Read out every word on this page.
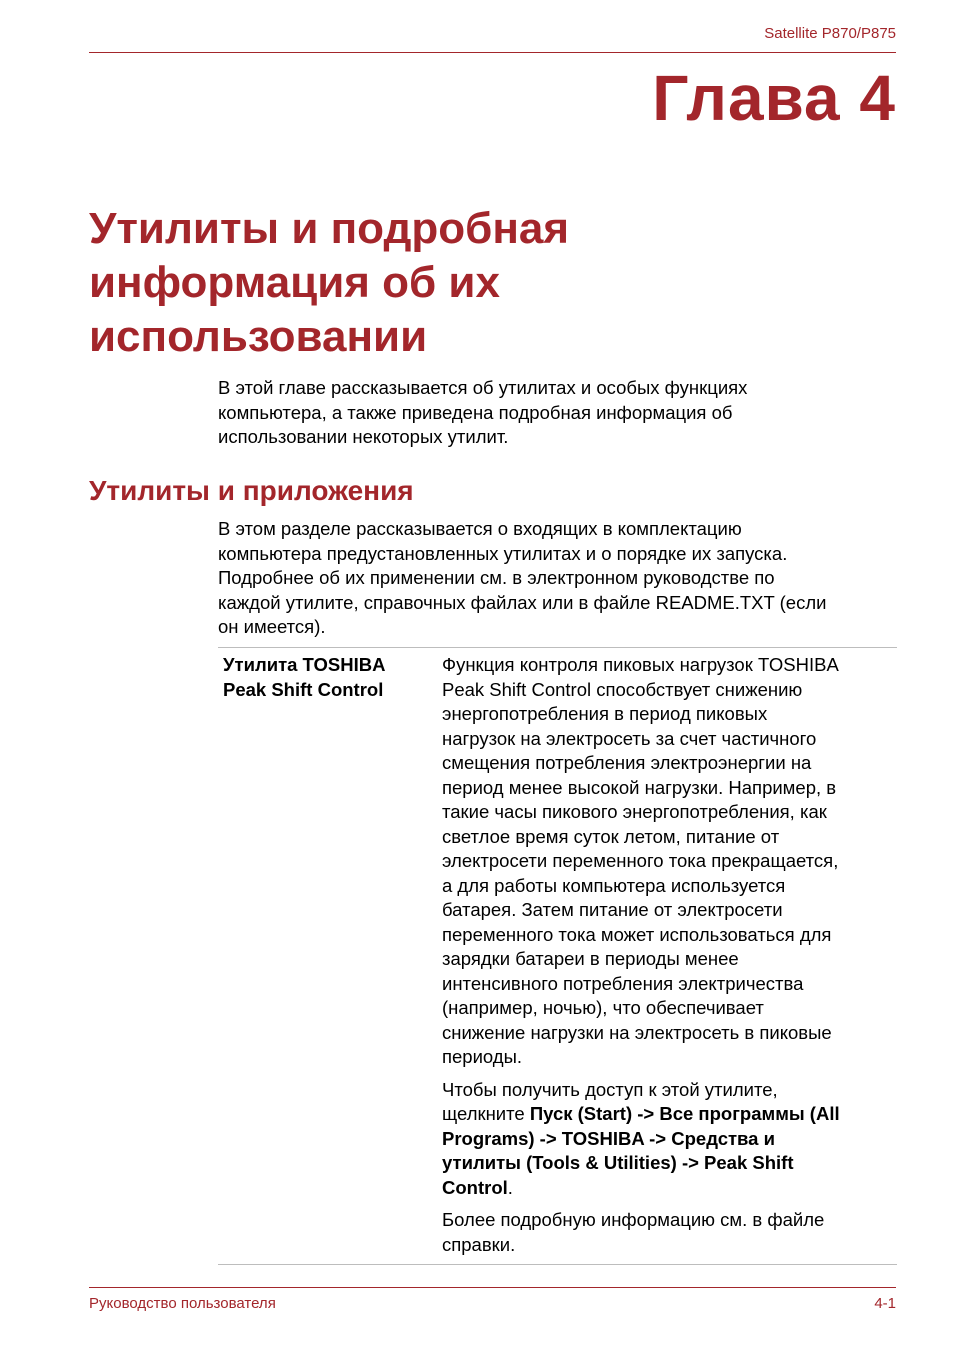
Satellite P870/P875
Глава 4
Утилиты и подробная
информация об их
использовании

В этой главе рассказывается об утилитах и особых функциях
компьютера, а также приведена подробная информация об
использовании некоторых утилит.

Утилиты и приложения

В этом разделе рассказывается о входящих в комплектацию
компьютера предустановленных утилитах и о порядке их запуска.
Подробнее об их применении см. в электронном руководстве по
каждой утилите, справочных файлах или в файле README.TXT (если
он имеется).

Утилита TOSHIBA
Peak Shift Control

Функция контроля пиковых нагрузок TOSHIBA
Peak Shift Control способствует снижению
энергопотребления в период пиковых
нагрузок на электросеть за счет частичного
смещения потребления электроэнергии на
период менее высокой нагрузки. Например, в
такие часы пикового энергопотребления, как
светлое время суток летом, питание от
электросети переменного тока прекращается,
а для работы компьютера используется
батарея. Затем питание от электросети
переменного тока может использоваться для
зарядки батареи в периоды менее
интенсивного потребления электричества
(например, ночью), что обеспечивает
снижение нагрузки на электросеть в пиковые
периоды.

Чтобы получить доступ к этой утилите,
щелкните Пуск (Start) -> Все программы (All
Programs) -> TOSHIBA -> Средства и
утилиты (Tools & Utilities) -> Peak Shift
Control.

Более подробную информацию см. в файле
справки.

Руководство пользователя	4-1
